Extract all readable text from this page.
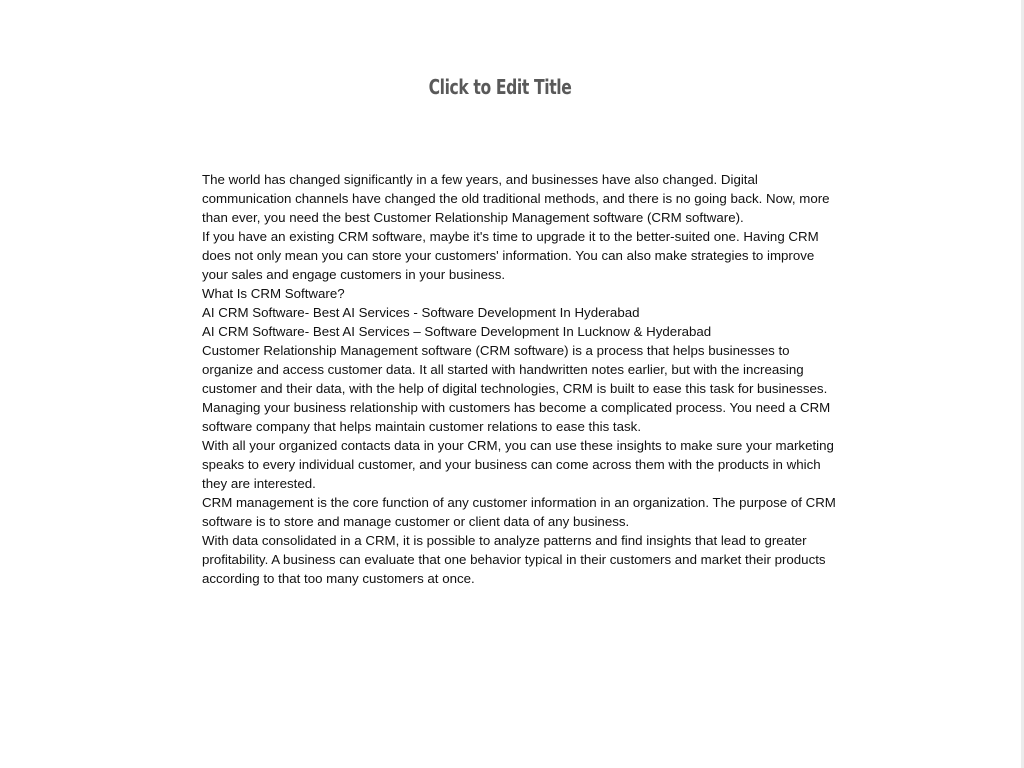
Click to Edit Title

The world has changed significantly in a few years, and businesses have also changed. Digital communication channels have changed the old traditional methods, and there is no going back. Now, more than ever, you need the best Customer Relationship Management software (CRM software).

If you have an existing CRM software, maybe it's time to upgrade it to the better-suited one. Having CRM does not only mean you can store your customers' information. You can also make strategies to improve your sales and engage customers in your business.

What Is CRM Software?

AI CRM Software- Best AI Services - Software Development In Hyderabad

AI CRM Software- Best AI Services – Software Development In Lucknow & Hyderabad

Customer Relationship Management software (CRM software) is a process that helps businesses to organize and access customer data. It all started with handwritten notes earlier, but with the increasing customer and their data, with the help of digital technologies, CRM is built to ease this task for businesses.

Managing your business relationship with customers has become a complicated process. You need a CRM software company that helps maintain customer relations to ease this task.

With all your organized contacts data in your CRM, you can use these insights to make sure your marketing speaks to every individual customer, and your business can come across them with the products in which they are interested.

CRM management is the core function of any customer information in an organization. The purpose of CRM software is to store and manage customer or client data of any business.

With data consolidated in a CRM, it is possible to analyze patterns and find insights that lead to greater profitability. A business can evaluate that one behavior typical in their customers and market their products according to that too many customers at once.
